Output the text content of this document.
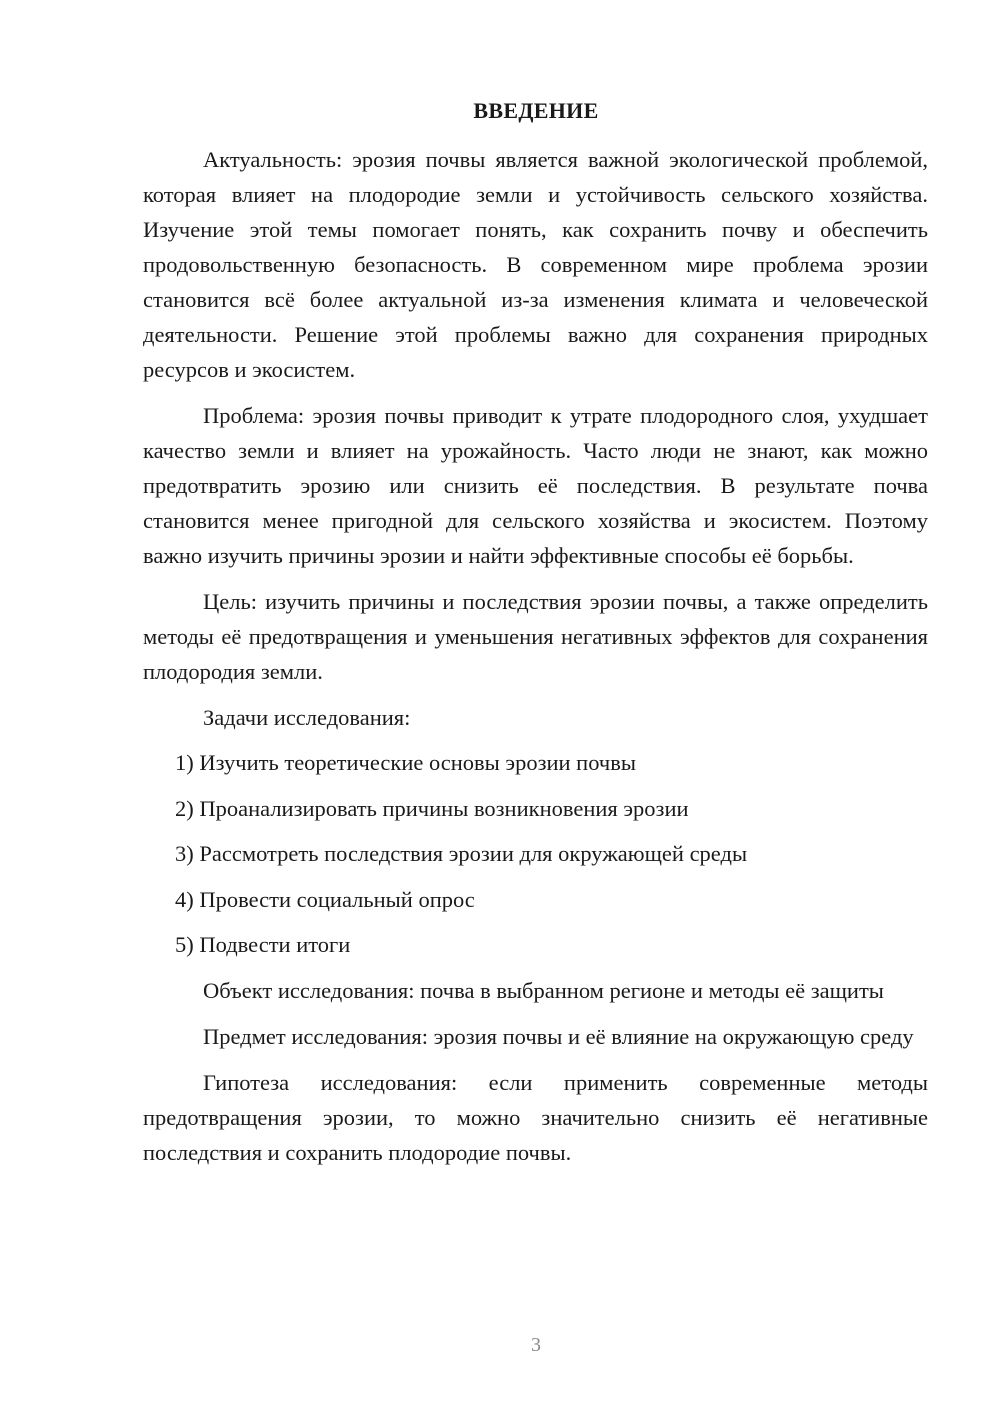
ВВЕДЕНИЕ

Актуальность: эрозия почвы является важной экологической проблемой, которая влияет на плодородие земли и устойчивость сельского хозяйства. Изучение этой темы помогает понять, как сохранить почву и обеспечить продовольственную безопасность. В современном мире проблема эрозии становится всё более актуальной из-за изменения климата и человеческой деятельности. Решение этой проблемы важно для сохранения природных ресурсов и экосистем.

Проблема: эрозия почвы приводит к утрате плодородного слоя, ухудшает качество земли и влияет на урожайность. Часто люди не знают, как можно предотвратить эрозию или снизить её последствия. В результате почва становится менее пригодной для сельского хозяйства и экосистем. Поэтому важно изучить причины эрозии и найти эффективные способы её борьбы.

Цель: изучить причины и последствия эрозии почвы, а также определить методы её предотвращения и уменьшения негативных эффектов для сохранения плодородия земли.

Задачи исследования:

1) Изучить теоретические основы эрозии почвы
2) Проанализировать причины возникновения эрозии
3) Рассмотреть последствия эрозии для окружающей среды
4) Провести социальный опрос
5) Подвести итоги

Объект исследования: почва в выбранном регионе и методы её защиты

Предмет исследования: эрозия почвы и её влияние на окружающую среду

Гипотеза исследования: если применить современные методы предотвращения эрозии, то можно значительно снизить её негативные последствия и сохранить плодородие почвы.

3
